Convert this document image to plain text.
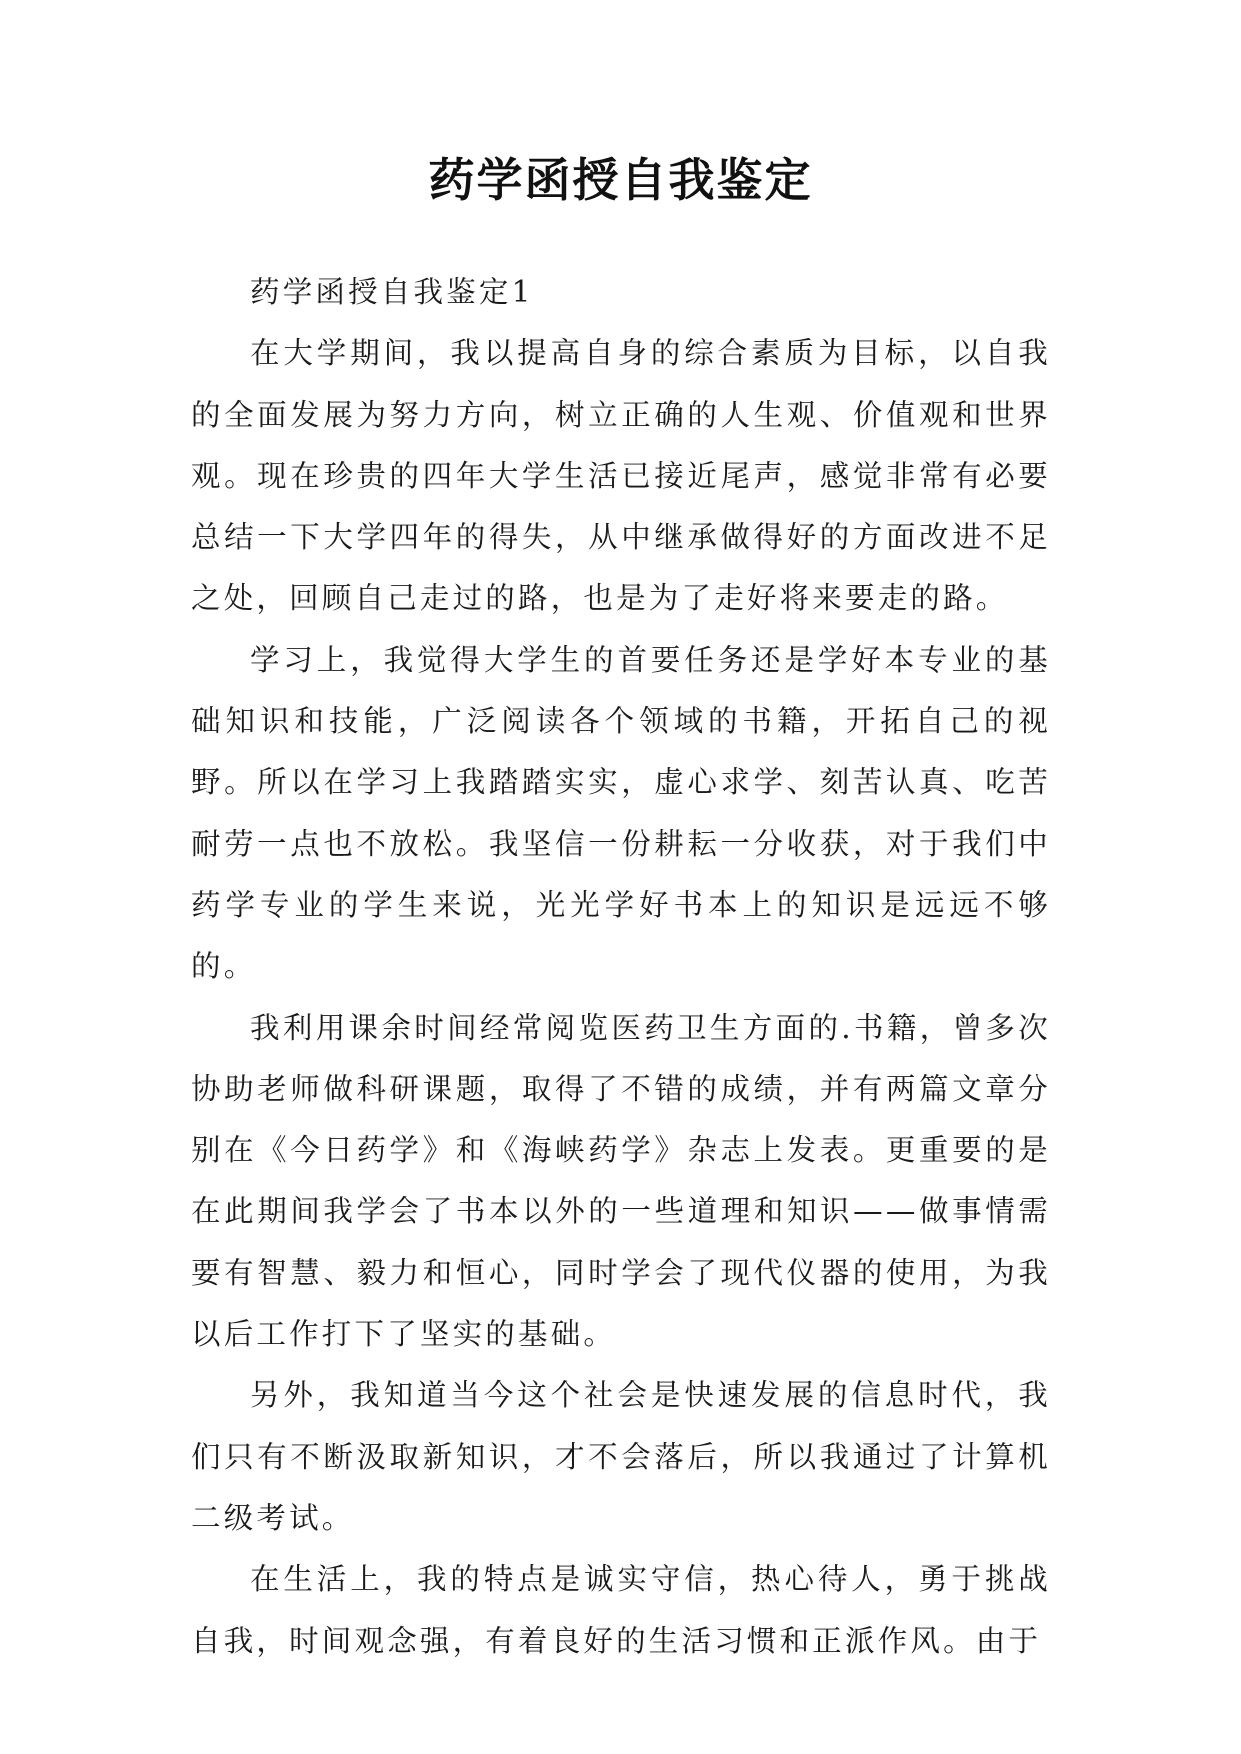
药学函授自我鉴定

药学函授自我鉴定1

在大学期间，我以提高自身的综合素质为目标，以自我的全面发展为努力方向，树立正确的人生观、价值观和世界观。现在珍贵的四年大学生活已接近尾声，感觉非常有必要总结一下大学四年的得失，从中继承做得好的方面改进不足之处，回顾自己走过的路，也是为了走好将来要走的路。

学习上，我觉得大学生的首要任务还是学好本专业的基础知识和技能，广泛阅读各个领域的书籍，开拓自己的视野。所以在学习上我踏踏实实，虚心求学、刻苦认真、吃苦耐劳一点也不放松。我坚信一份耕耘一分收获，对于我们中药学专业的学生来说，光光学好书本上的知识是远远不够的。

我利用课余时间经常阅览医药卫生方面的.书籍，曾多次协助老师做科研课题，取得了不错的成绩，并有两篇文章分别在《今日药学》和《海峡药学》杂志上发表。更重要的是在此期间我学会了书本以外的一些道理和知识——做事情需要有智慧、毅力和恒心，同时学会了现代仪器的使用，为我以后工作打下了坚实的基础。

另外，我知道当今这个社会是快速发展的信息时代，我们只有不断汲取新知识，才不会落后，所以我通过了计算机二级考试。

在生活上，我的特点是诚实守信，热心待人，勇于挑战自我，时间观念强，有着良好的生活习惯和正派作风。由于
